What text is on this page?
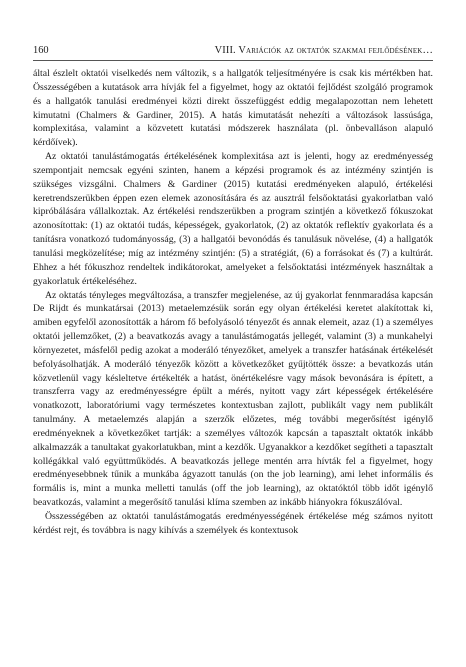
160	VIII. Variációk az oktatók szakmai fejlődésének…

által észlelt oktatói viselkedés nem változik, s a hallgatók teljesítményére is csak kis mértékben hat. Összességében a kutatások arra hívják fel a figyelmet, hogy az oktatói fejlődést szolgáló programok és a hallgatók tanulási eredményei közti direkt összefüggést eddig megalapozottan nem lehetett kimutatni (Chalmers & Gardiner, 2015). A hatás kimutatását nehezíti a változások lassúsága, komplexitása, valamint a közvetett kutatási módszerek használata (pl. önbevalláson alapuló kérdőívek).

Az oktatói tanulástámogatás értékelésének komplexitása azt is jelenti, hogy az eredményesség szempontjait nemcsak egyéni szinten, hanem a képzési programok és az intézmény szintjén is szükséges vizsgálni. Chalmers & Gardiner (2015) kutatási eredményeken alapuló, értékelési keretrendszerükben éppen ezen elemek azonosítására és az ausztrál felsőoktatási gyakorlatban való kipróbálására vállalkoztak. Az értékelési rendszerükben a program szintjén a következő fókuszokat azonosítottak: (1) az oktatói tudás, képességek, gyakorlatok, (2) az oktatók reflektív gyakorlata és a tanításra vonatkozó tudományosság, (3) a hallgatói bevonódás és tanulásuk növelése, (4) a hallgatók tanulási megközelítése; míg az intézmény szintjén: (5) a stratégiát, (6) a forrásokat és (7) a kultúrát. Ehhez a hét fókuszhoz rendeltek indikátorokat, amelyeket a felsőoktatási intézmények használtak a gyakorlatuk értékeléséhez.

Az oktatás tényleges megváltozása, a transzfer megjelenése, az új gyakorlat fennmaradása kapcsán De Rijdt és munkatársai (2013) metaelemzésük során egy olyan értékelési keretet alakítottak ki, amiben egyfelől azonosították a három fő befolyásoló tényezőt és annak elemeit, azaz (1) a személyes oktatói jellemzőket, (2) a beavatkozás avagy a tanulástámogatás jellegét, valamint (3) a munkahelyi környezetet, másfelől pedig azokat a moderáló tényezőket, amelyek a transzfer hatásának értékelését befolyásolhatják. A moderáló tényezők között a következőket gyűjtötték össze: a bevatkozás után közvetlenül vagy késleltetve értékelték a hatást, önértékelésre vagy mások bevonására is épített, a transzferra vagy az eredményességre épült a mérés, nyitott vagy zárt képességek értékelésére vonatkozott, laboratóriumi vagy természetes kontextusban zajlott, publikált vagy nem publikált tanulmány. A metaelemzés alapján a szerzők előzetes, még további megerősítést igénylő eredményeknek a következőket tartják: a személyes változók kapcsán a tapasztalt oktatók inkább alkalmazzák a tanultakat gyakorlatukban, mint a kezdők. Ugyanakkor a kezdőket segítheti a tapasztalt kollégákkal való együttműködés. A beavatkozás jellege mentén arra hívták fel a figyelmet, hogy eredményesebbnek tűnik a munkába ágyazott tanulás (on the job learning), ami lehet informális és formális is, mint a munka melletti tanulás (off the job learning), az oktatóktól több időt igénylő beavatkozás, valamint a megerősítő tanulási klíma szemben az inkább hiányokra fókuszálóval.

Összességében az oktatói tanulástámogatás eredményességének értékelése még számos nyitott kérdést rejt, és továbbra is nagy kihívás a személyek és kontextusok
